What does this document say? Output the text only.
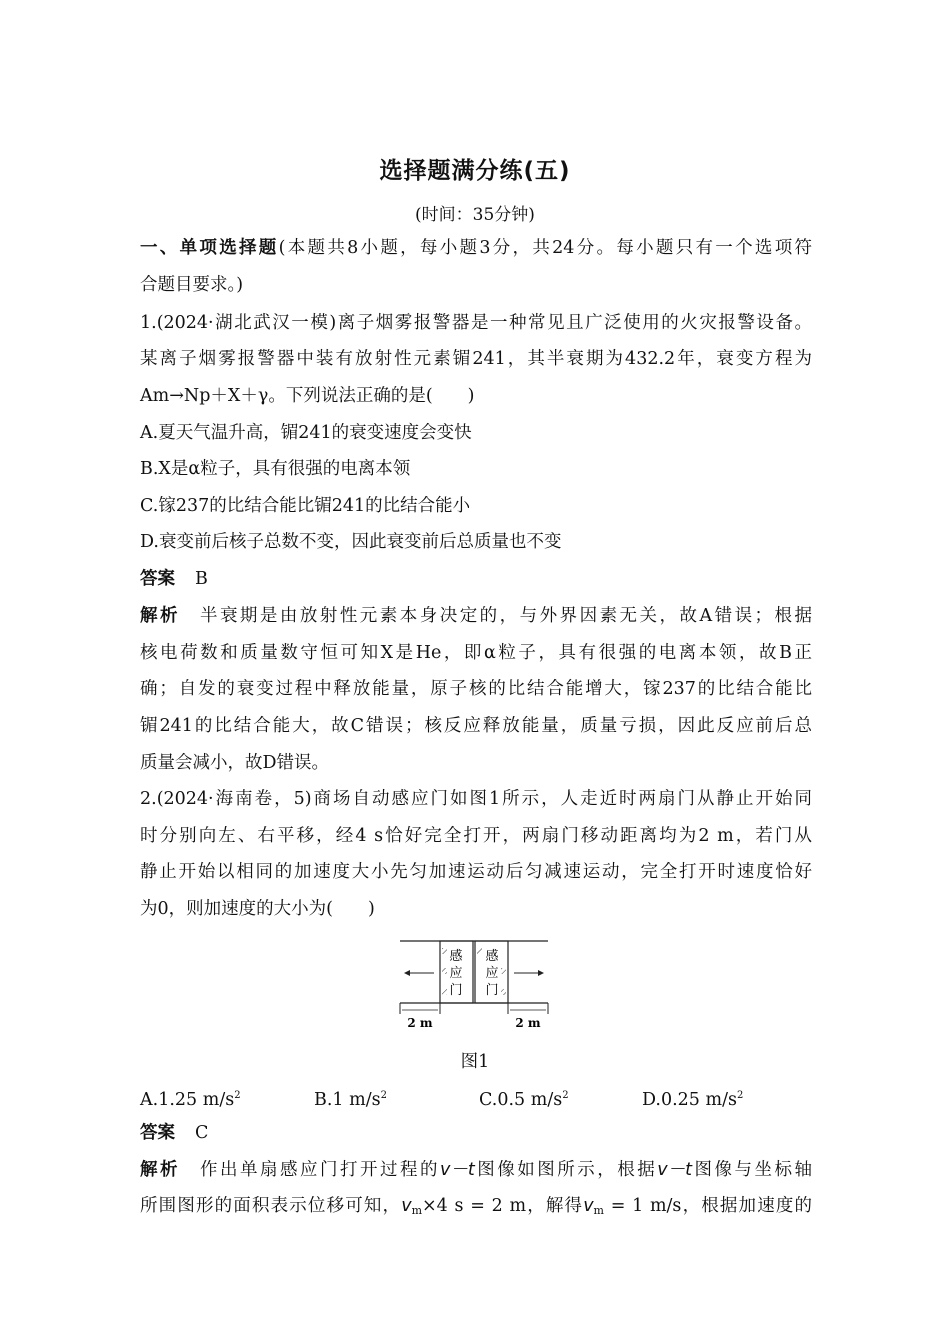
选择题满分练(五)
(时间：35分钟)
一、单项选择题(本题共8小题，每小题3分，共24分。每小题只有一个选项符
合题目要求。)
1.(2024·湖北武汉一模)离子烟雾报警器是一种常见且广泛使用的火灾报警设备。
某离子烟雾报警器中装有放射性元素镅241，其半衰期为432.2年，衰变方程为
Am→Np＋X＋γ。下列说法正确的是(　　)
A.夏天气温升高，镅241的衰变速度会变快
B.X是α粒子，具有很强的电离本领
C.镓237的比结合能比镅241的比结合能小
D.衰变前后核子总数不变，因此衰变前后总质量也不变
答案 B
解析 半衰期是由放射性元素本身决定的，与外界因素无关，故A错误；根据
核电荷数和质量数守恒可知X是He，即α粒子，具有很强的电离本领，故B正
确；自发的衰变过程中释放能量，原子核的比结合能增大，镓237的比结合能比
镅241的比结合能大，故C错误；核反应释放能量，质量亏损，因此反应前后总
质量会减小，故D错误。
2.(2024·海南卷，5)商场自动感应门如图1所示，人走近时两扇门从静止开始同
时分别向左、右平移，经4 s恰好完全打开，两扇门移动距离均为2 m，若门从
静止开始以相同的加速度大小先匀加速运动后匀减速运动，完全打开时速度恰好
为0，则加速度的大小为(　　)
感
应
门
感
应
门
2 m	2 m
图1
A.1.25 $m/s^2$	B.1 $m/s^2$	C.0.5 $m/s^2$	D.0.25 $m/s^2$
答案 C
解析 作出单扇感应门打开过程的v－t图像如图所示，根据v－t图像与坐标轴
所围图形的面积表示位移可知，$v_m\times 4$ s = 2 m，解得$v_m = 1$ m/s，根据加速度的
